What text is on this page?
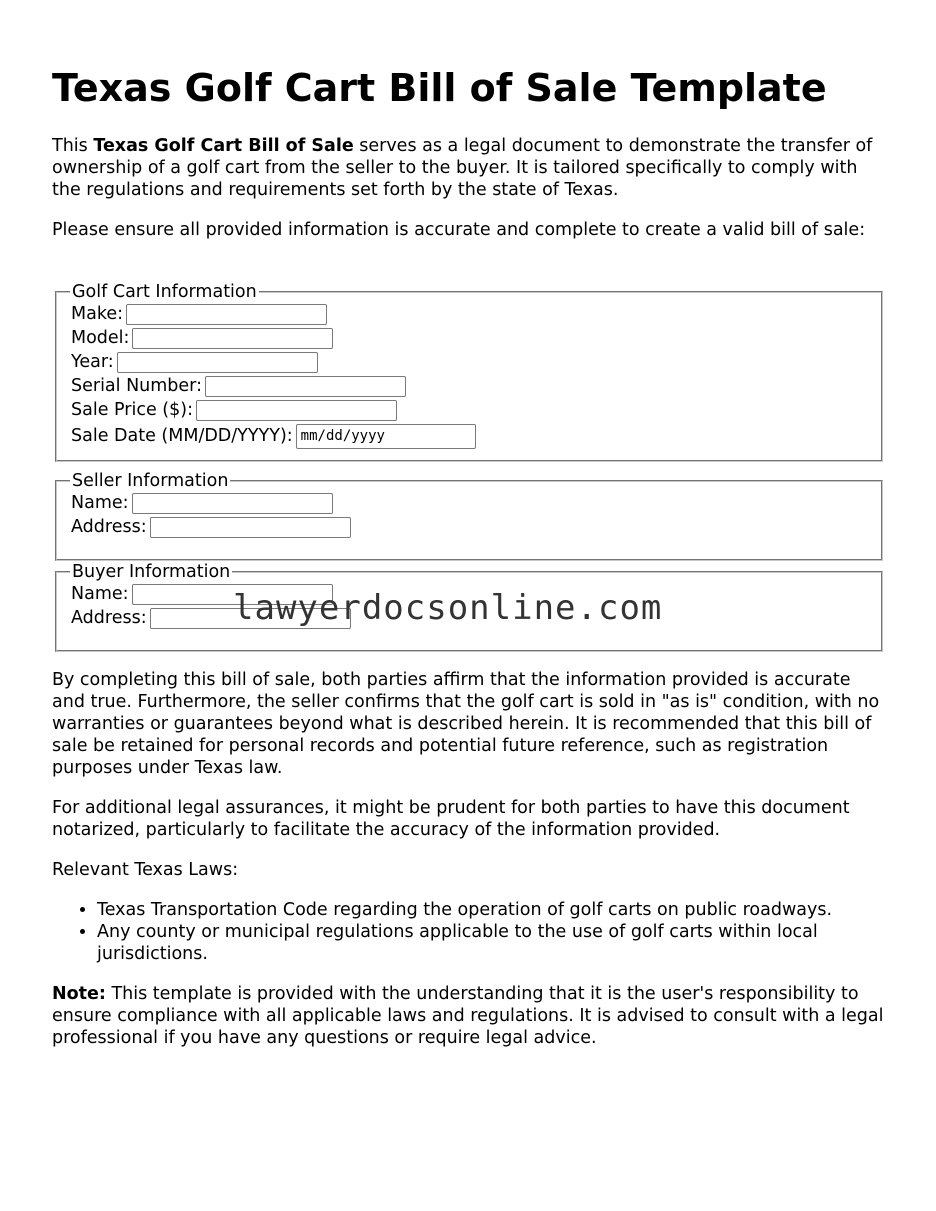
Texas Golf Cart Bill of Sale Template

This Texas Golf Cart Bill of Sale serves as a legal document to demonstrate the transfer of ownership of a golf cart from the seller to the buyer. It is tailored specifically to comply with the regulations and requirements set forth by the state of Texas.

Please ensure all provided information is accurate and complete to create a valid bill of sale:

Golf Cart Information
Make:
Model:
Year:
Serial Number:
Sale Price ($):
Sale Date (MM/DD/YYYY):mm/dd/yyyy
Seller Information
Name:
Address:
Buyer Information
Name:
Address:

By completing this bill of sale, both parties affirm that the information provided is accurate and true. Furthermore, the seller confirms that the golf cart is sold in "as is" condition, with no warranties or guarantees beyond what is described herein. It is recommended that this bill of sale be retained for personal records and potential future reference, such as registration purposes under Texas law.

For additional legal assurances, it might be prudent for both parties to have this document notarized, particularly to facilitate the accuracy of the information provided.

Relevant Texas Laws:

• Texas Transportation Code regarding the operation of golf carts on public roadways.
• Any county or municipal regulations applicable to the use of golf carts within local jurisdictions.

Note: This template is provided with the understanding that it is the user's responsibility to ensure compliance with all applicable laws and regulations. It is advised to consult with a legal professional if you have any questions or require legal advice.

lawyerdocsonline.com
